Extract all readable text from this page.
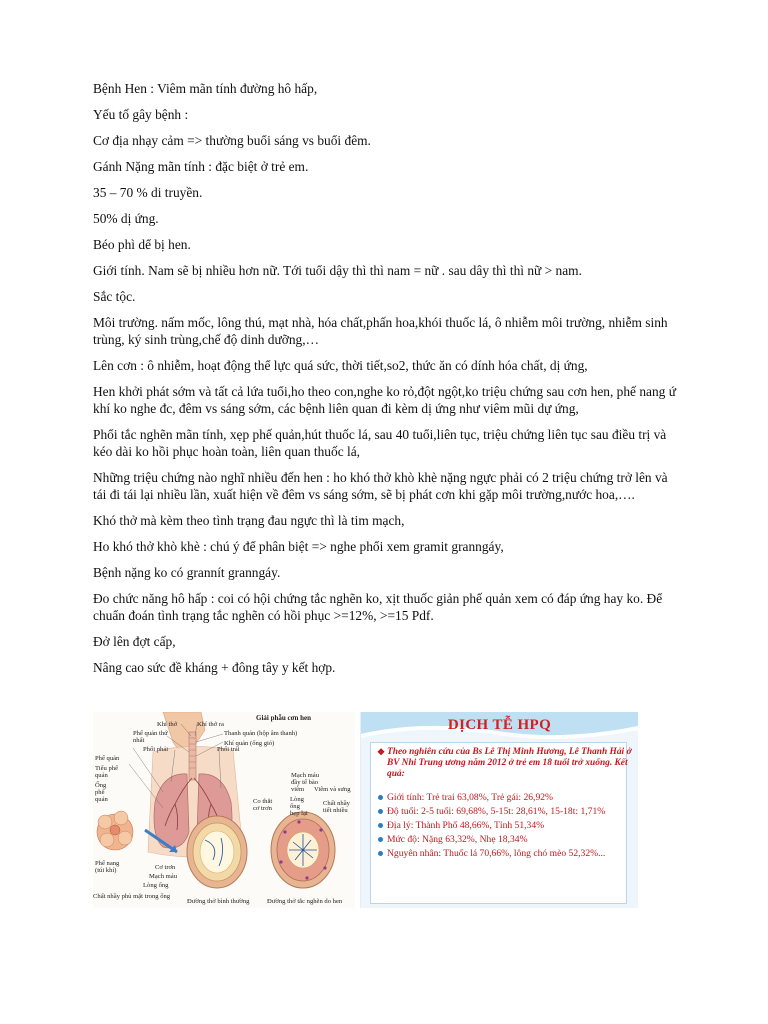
Bệnh Hen : Viêm mãn tính đường hô hấp,

Yếu tố gây bệnh :

Cơ địa nhạy cảm => thường buổi sáng vs buổi đêm.

Gánh Nặng mãn tính : đặc biệt ở trẻ em.

35 – 70 % di truyền.

50% dị ứng.

Béo phì dể bị hen.

Giới tính. Nam sẽ bị nhiều hơn nữ. Tới tuổi dậy thì thì nam = nữ . sau dây thì thì nữ > nam.

Sắc tộc.

Môi trường. nấm mốc, lông thú, mạt nhà, hóa chất,phấn hoa,khói thuốc lá, ô nhiễm môi trường, nhiễm sinh trùng, ký sinh trùng,chế độ dinh dưỡng,…

Lên cơn : ô nhiễm, hoạt động thể lực quá sức, thời tiết,so2, thức ăn có dính hóa chất, dị ứng,

Hen khởi phát sớm và tất cả lứa tuổi,ho theo con,nghe ko rỏ,đột ngột,ko triệu chứng sau cơn hen, phế nang ứ khí ko nghe đc, đêm vs sáng sớm, các bệnh liên quan đi kèm dị ứng như viêm mũi dự ứng,

Phổi tắc nghẽn mãn tính, xẹp phế quản,hút thuốc lá, sau 40 tuổi,liên tục, triệu chứng liên tục sau điều trị và kéo dài ko hồi phục hoàn toàn, liên quan thuốc lá,

Những triệu chứng nào nghĩ nhiều đến hen : ho khó thở khò khè nặng ngực phải có 2 triệu chứng trở lên và tái đi tái lại nhiều lần, xuất hiện về đêm vs sáng sớm, sẽ bị phát cơn khi gặp môi trường,nước hoa,….

Khó thở mà kèm theo tình trạng đau ngực thì là tim mạch,

Ho khó thở khò khè : chú ý để phân biệt => nghe phổi xem gramit granngáy,

Bệnh nặng ko có grannít granngáy.

Đo chức năng hô hấp : coi có hội chứng tắc nghẽn ko, xịt thuốc giản phế quản xem có đáp ứng hay ko. Để chuẩn đoán tình trạng tắc nghẽn có hồi phục >=12%, >=15 Pdf.

Đở lên đợt cấp,

Nâng cao sức đề kháng + đông tây y kết hợp.

Giải phẫu cơn hen
Khí thở	Khí thở ra
Phế quản thứ nhất
Thanh quản (hộp âm thanh)
Khí quản (ống gió)
Phổi phải	Phổi trái
Phế quản
Tiểu phế quản
Ống phế quản
Mạch máu đầy tế bào viêm	Viêm và sưng
Co thắt cơ trơn
Lòng ống hẹp lại
Chất nhầy tiết nhiều
Phế nang (túi khí)	Cơ trơn
Mạch máu
Lòng ống
Chất nhầy phủ mặt trong ống
Đường thở bình thường	Đường thở tắc nghẽn do hen
DỊCH TỄ HPQ
❖ Theo nghiên cứu của Bs Lê Thị Minh Hương, Lê Thanh Hải ở BV Nhi Trung ương năm 2012 ở trẻ em 18 tuổi trở xuống. Kết quả:
Giới tính: Trẻ trai 63,08%, Trẻ gái: 26,92%
Độ tuổi: 2-5 tuổi: 69,68%, 5-15t: 28,61%, 15-18t: 1,71%
Địa lý: Thành Phố 48,66%, Tỉnh 51,34%
Mức độ: Nặng 63,32%, Nhẹ 18,34%
Nguyên nhân: Thuốc lá 70,66%, lông chó mèo 52,32%...
